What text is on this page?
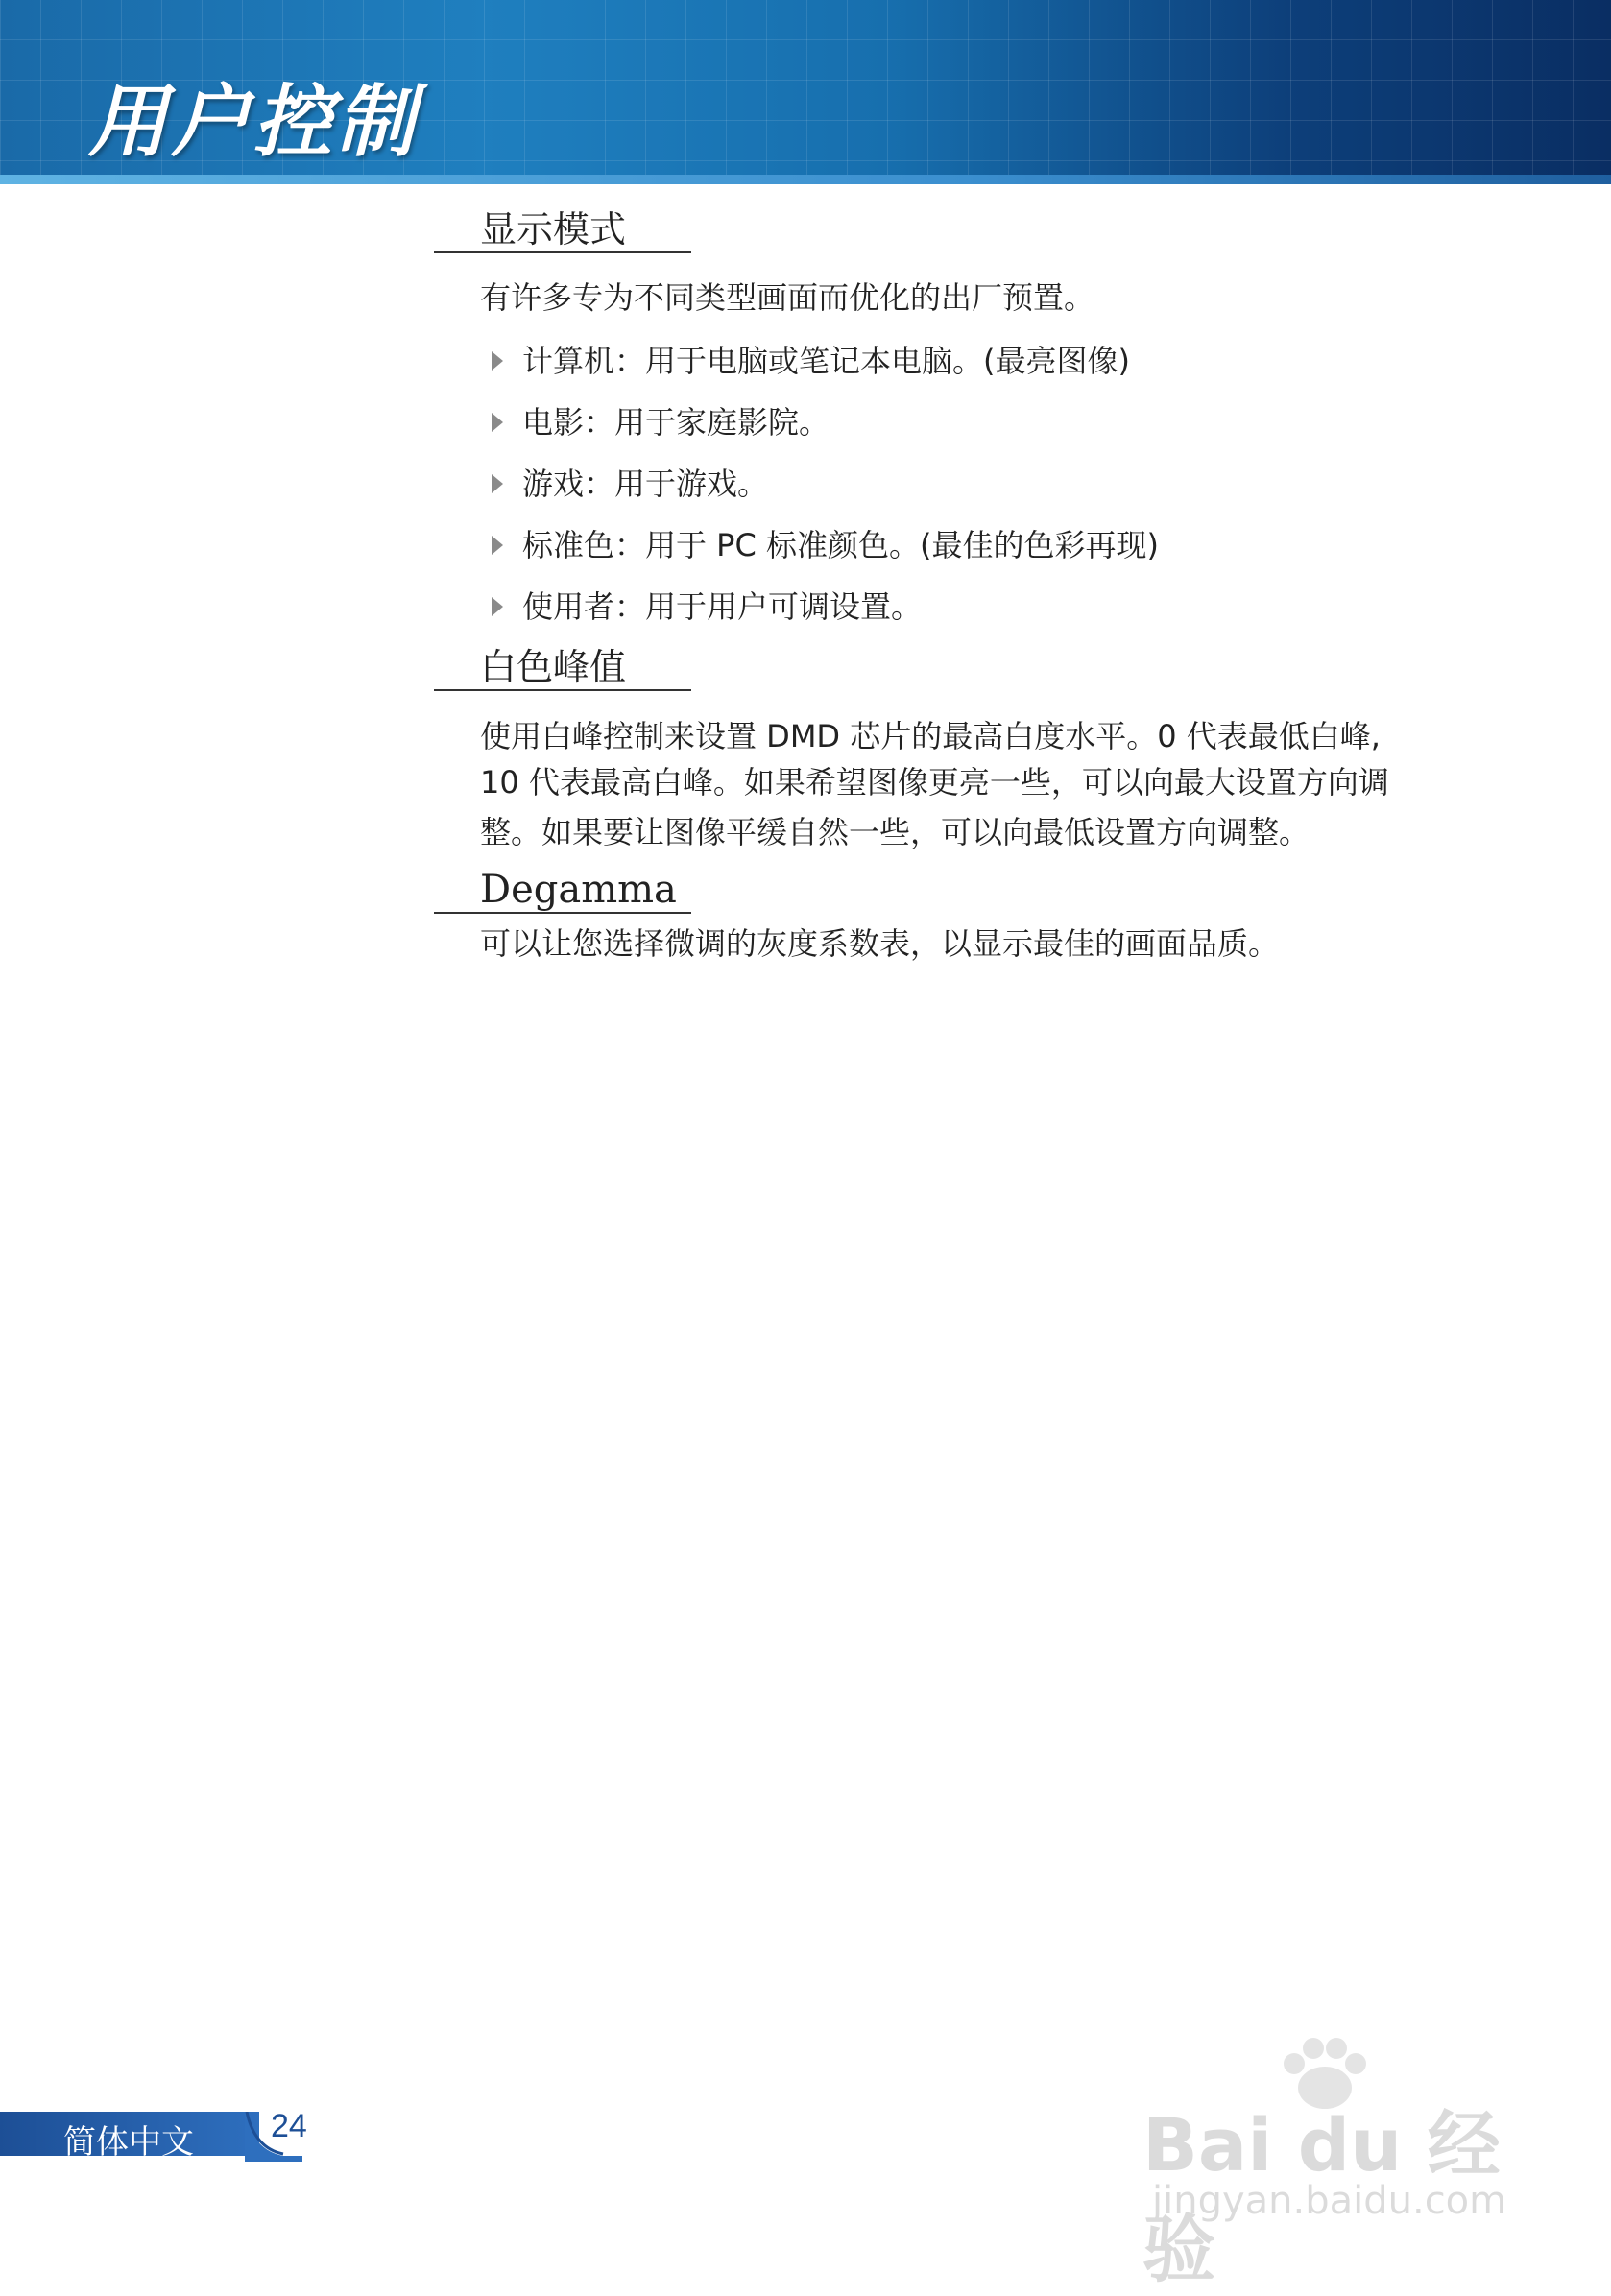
用户控制
显示模式
有许多专为不同类型画面而优化的出厂预置。
计算机：用于电脑或笔记本电脑。(最亮图像)
电影：用于家庭影院。
游戏：用于游戏。
标准色：用于 PC 标准颜色。(最佳的色彩再现)
使用者：用于用户可调设置。
白色峰值
使用白峰控制来设置 DMD 芯片的最高白度水平。0 代表最低白峰,
10 代表最高白峰。如果希望图像更亮一些，可以向最大设置方向调
整。如果要让图像平缓自然一些，可以向最低设置方向调整。
Degamma
可以让您选择微调的灰度系数表，以显示最佳的画面品质。
简体中文 24	Bai du 经验
jingyan.baidu.com
